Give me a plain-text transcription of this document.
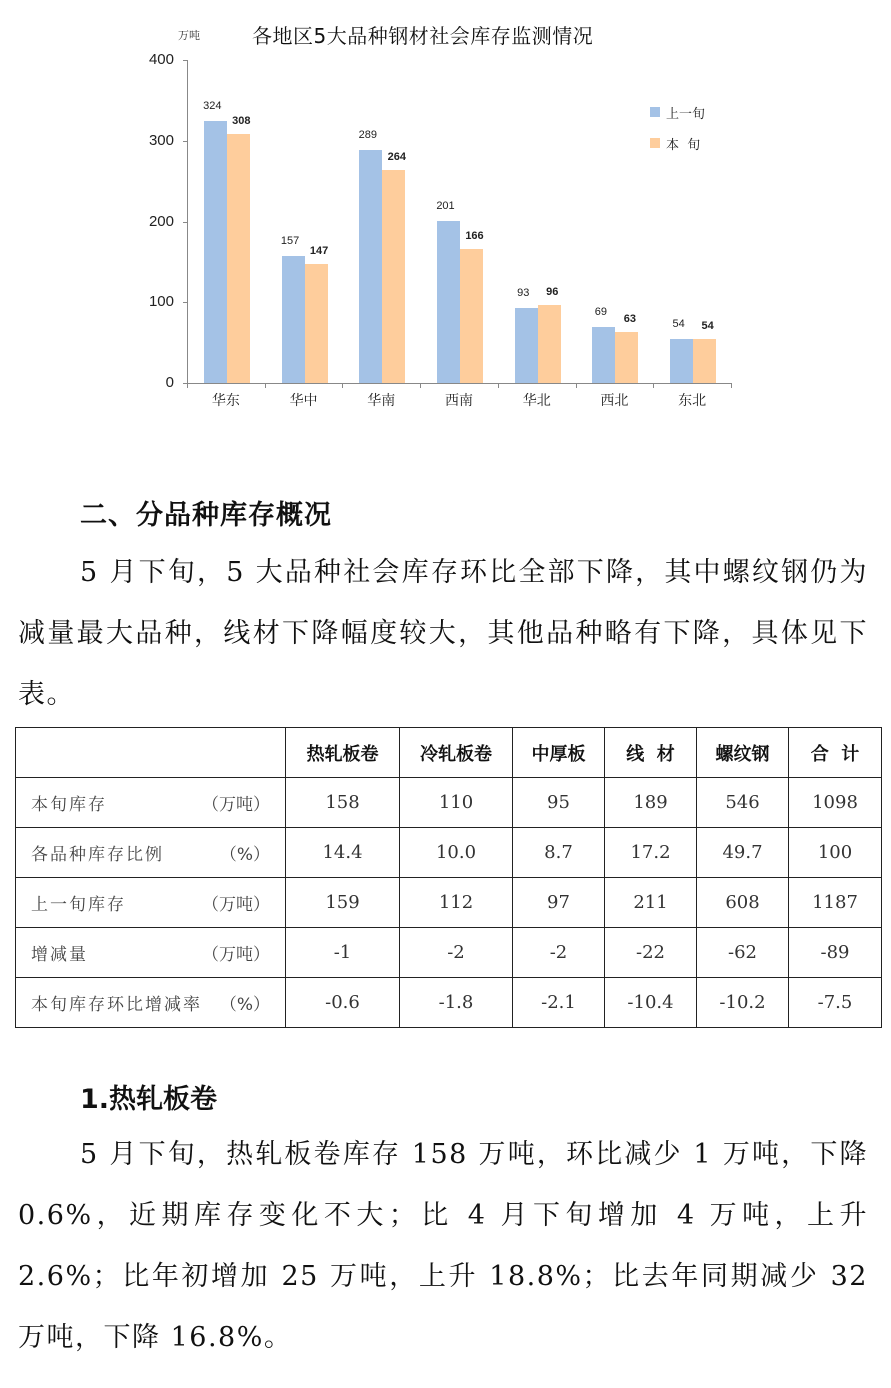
万吨	各地区5大品种钢材社会库存监测情况
0
100
200
300
400
324
308
华东
157
147
华中
289
264
华南
201
166
西南
93	96
华北
69
63
西北
54	54
东北
上一旬
本  旬
二、分品种库存概况
5 月下旬，5 大品种社会库存环比全部下降，其中螺纹钢仍为减量最大品种，线材下降幅度较大，其他品种略有下降，具体见下表。
	热轧板卷	冷轧板卷	中厚板	线  材	螺纹钢	合  计

本旬库存 （万吨）	158	110	95	189	546	1098

各品种库存比例 （%）	14.4	10.0	8.7	17.2	49.7	100

上一旬库存 （万吨）	159	112	97	211	608	1187

增减量 （万吨）	-1	-2	-2	-22	-62	-89

本旬库存环比增减率 （%）	-0.6	-1.8	-2.1	-10.4	-10.2	-7.5
1.热轧板卷
5 月下旬，热轧板卷库存 158 万吨，环比减少 1 万吨，下降 0.6%，近期库存变化不大；比 4 月下旬增加 4 万吨，上升 2.6%；比年初增加 25 万吨，上升 18.8%；比去年同期减少 32 万吨，下降 16.8%。
